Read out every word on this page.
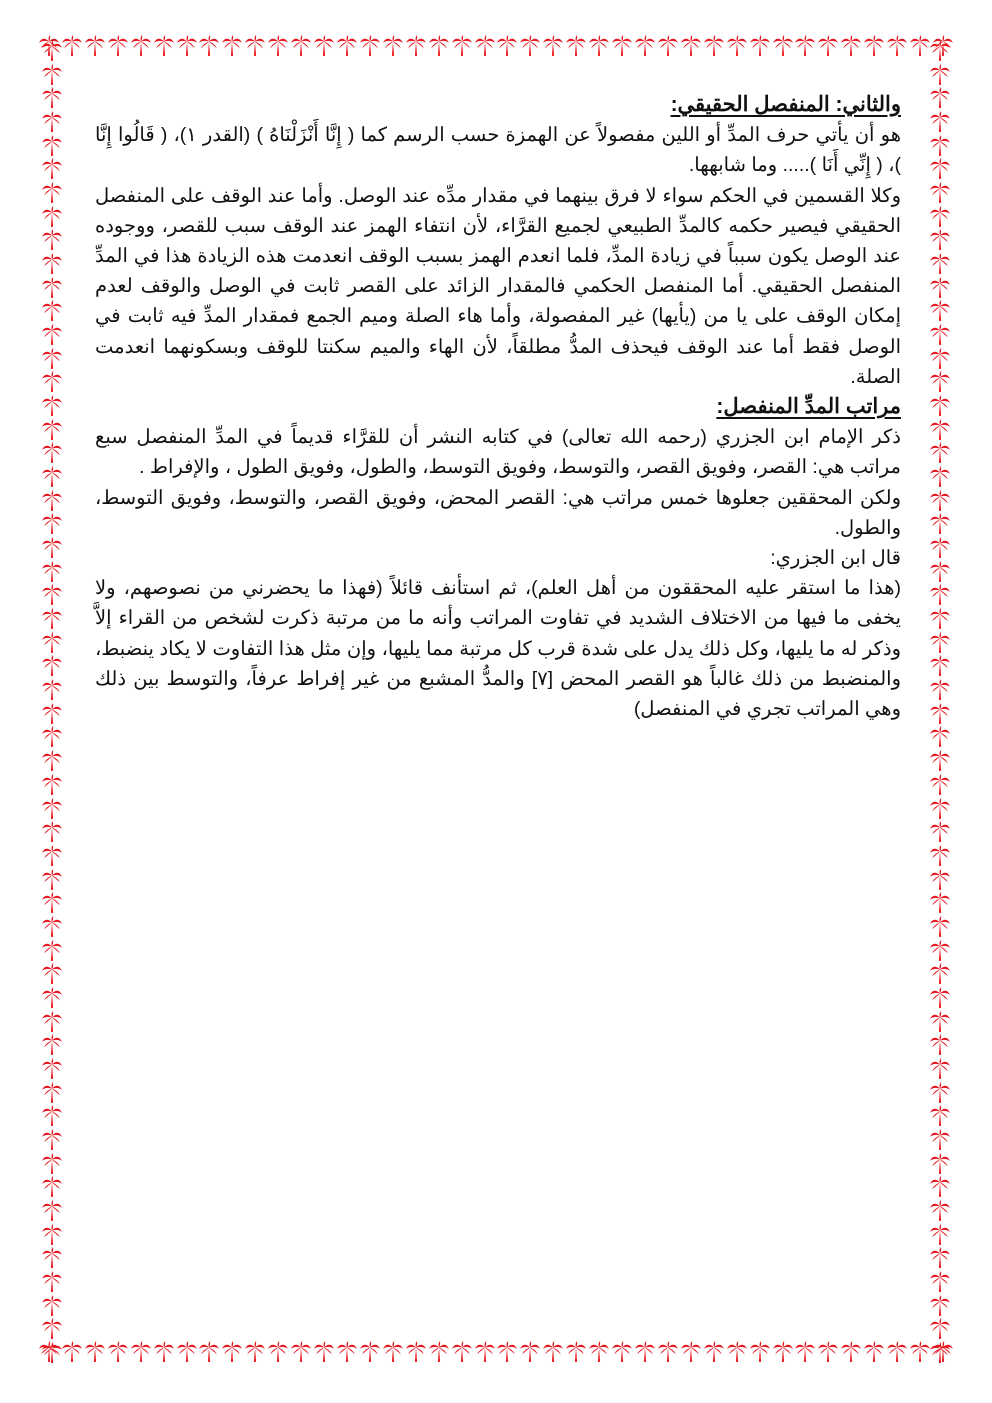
والثاني: المنفصل الحقيقي:

هو أن يأتي حرف المدِّ أو اللين مفصولاً عن الهمزة حسب الرسم كما ( إِنَّا أَنْزَلْنَاهُ ) (القدر ١)، ( قَالُوا إِنَّا )، ( إِنِّي أَنَا )..... وما شابهها.

وكلا القسمين في الحكم سواء لا فرق بينهما في مقدار مدِّه عند الوصل. وأما عند الوقف على المنفصل الحقيقي فيصير حكمه كالمدِّ الطبيعي لجميع القرَّاء، لأن انتفاء الهمز عند الوقف سبب للقصر، ووجوده عند الوصل يكون سبباً في زيادة المدِّ، فلما انعدم الهمز بسبب الوقف انعدمت هذه الزيادة هذا في المدِّ المنفصل الحقيقي. أما المنفصل الحكمي فالمقدار الزائد على القصر ثابت في الوصل والوقف لعدم إمكان الوقف على يا من (يأيها) غير المفصولة، وأما هاء الصلة وميم الجمع فمقدار المدِّ فيه ثابت في الوصل فقط أما عند الوقف فيحذف المدُّ مطلقاً، لأن الهاء والميم سكنتا للوقف وبسكونهما انعدمت الصلة.

مراتب المدِّ المنفصل:

ذكر الإمام ابن الجزري (رحمه الله تعالى) في كتابه النشر أن للقرَّاء قديماً في المدِّ المنفصل سبع مراتب هي: القصر، وفويق القصر، والتوسط، وفويق التوسط، والطول، وفويق الطول ، والإفراط .

ولكن المحققين جعلوها خمس مراتب هي: القصر المحض، وفويق القصر، والتوسط، وفويق التوسط، والطول.

قال ابن الجزري:

(هذا ما استقر عليه المحققون من أهل العلم)، ثم استأنف قائلاً (فهذا ما يحضرني من نصوصهم، ولا يخفى ما فيها من الاختلاف الشديد في تفاوت المراتب وأنه ما من مرتبة ذكرت لشخص من القراء إلاَّ وذكر له ما يليها، وكل ذلك يدل على شدة قرب كل مرتبة مما يليها، وإن مثل هذا التفاوت لا يكاد ينضبط، والمنضبط من ذلك غالباً هو القصر المحض [٧] والمدُّ المشبع من غير إفراط عرفاً، والتوسط بين ذلك وهي المراتب تجري في المنفصل)
